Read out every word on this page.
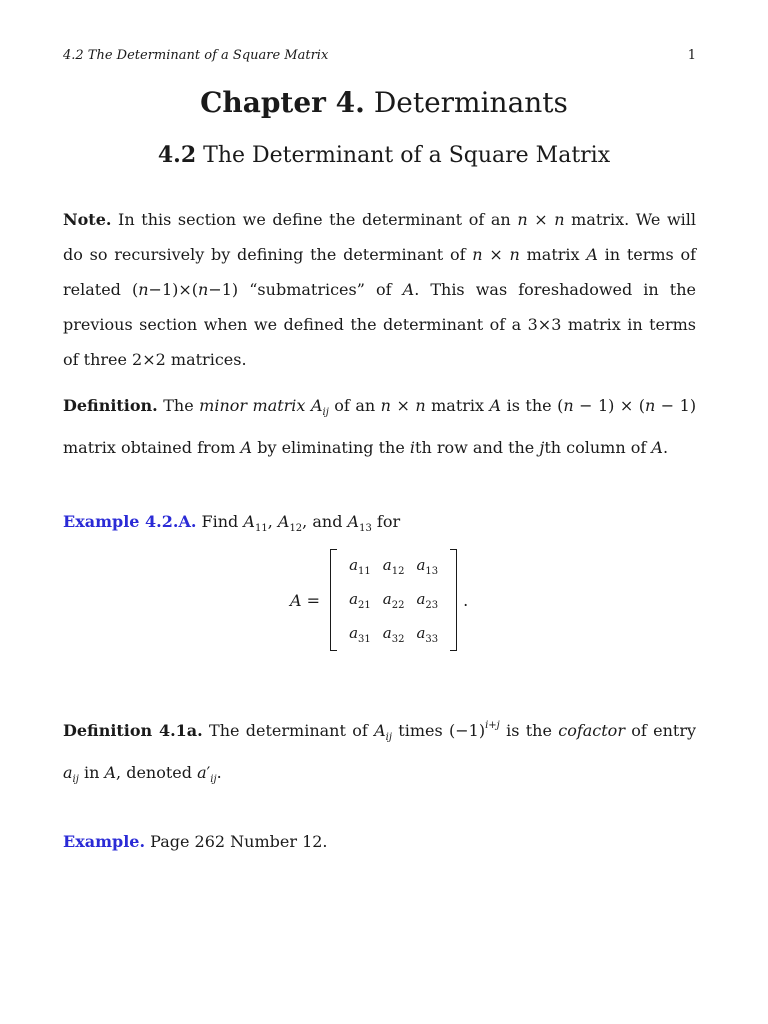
4.2 The Determinant of a Square Matrix	1
Chapter 4. Determinants
4.2 The Determinant of a Square Matrix
Note. In this section we define the determinant of an n × n matrix. We will do so recursively by defining the determinant of n × n matrix A in terms of related (n−1)×(n−1) “submatrices” of A. This was foreshadowed in the previous section when we defined the determinant of a 3×3 matrix in terms of three 2×2 matrices.
Definition. The minor matrix $A_{ij}$ of an n × n matrix A is the (n − 1) × (n − 1) matrix obtained from A by eliminating the ith row and the jth column of A.
Example 4.2.A. Find $A_{11}$, $A_{12}$, and $A_{13}$ for
A =
$a_{11}$	$a_{12}$	$a_{13}$
$a_{21}$	$a_{22}$	$a_{23}$
$a_{31}$	$a_{32}$	$a_{33}$
.
Definition 4.1a. The determinant of $A_{ij}$ times $(-1)^{i+j}$ is the cofactor of entry $a_{ij}$ in A, denoted $a'_{ij}$.
Example. Page 262 Number 12.
